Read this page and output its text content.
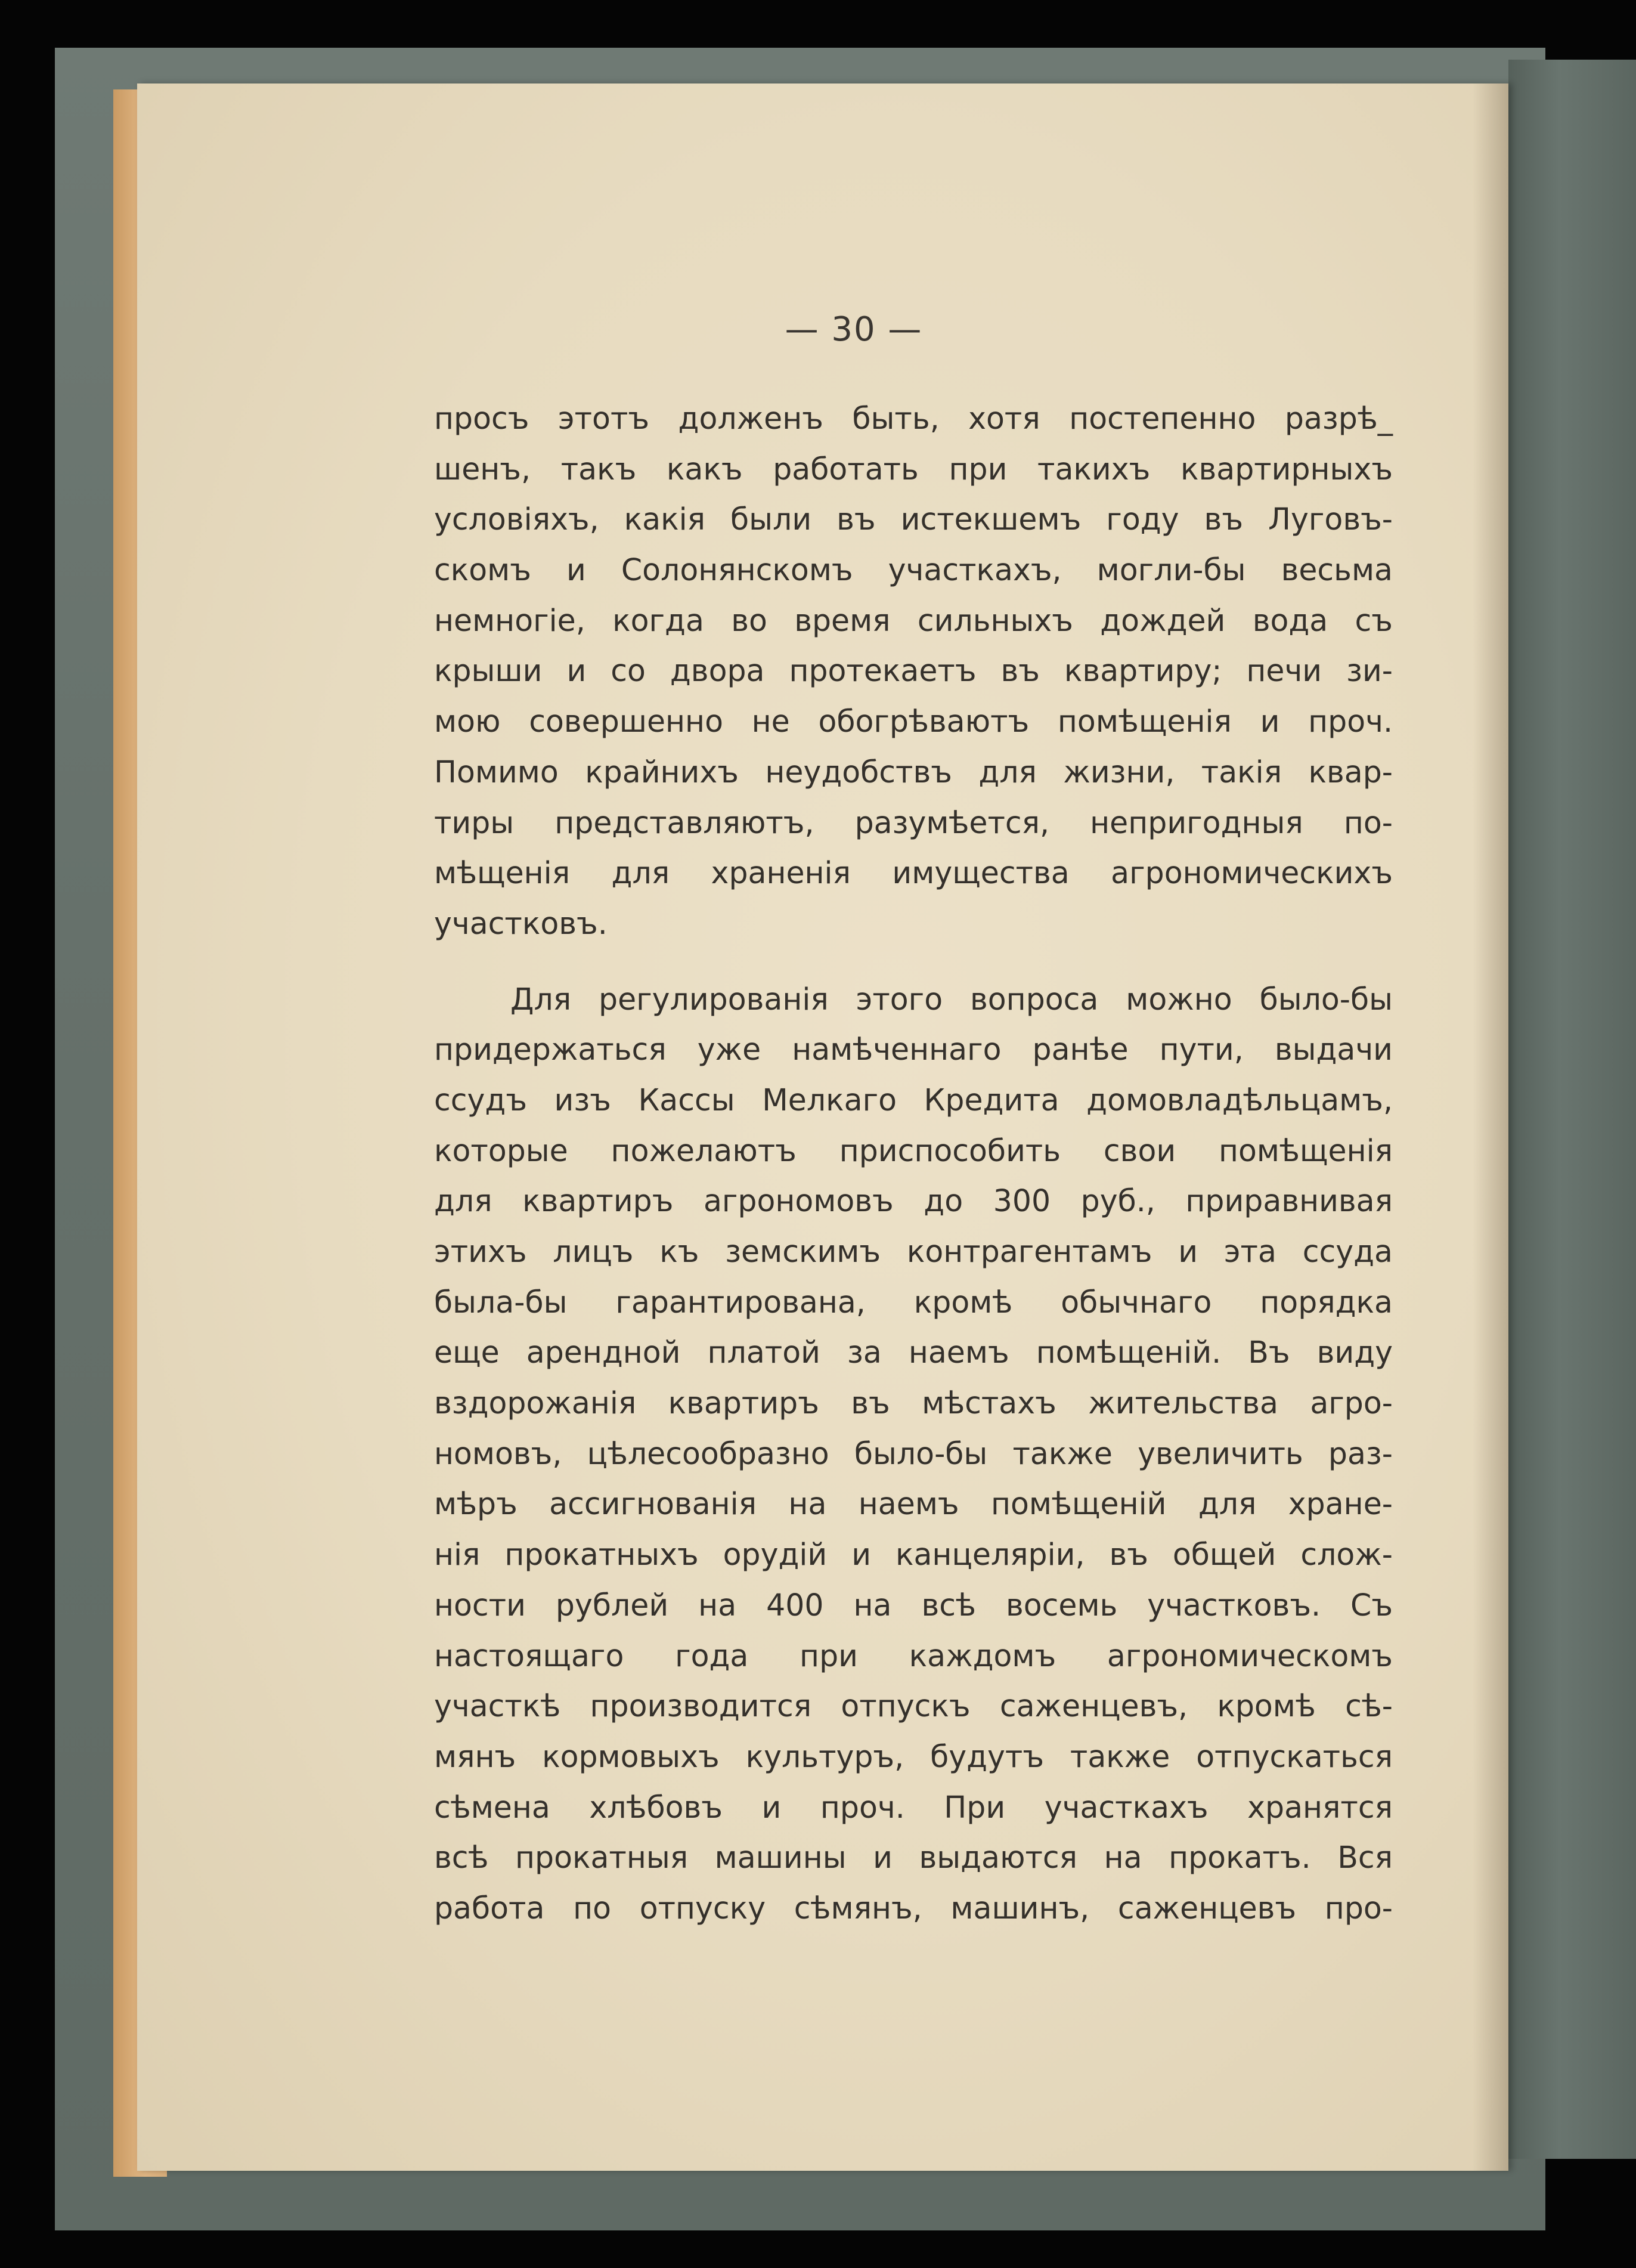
— 30 —
просъ этотъ долженъ быть, хотя постепенно разрѣ_
шенъ, такъ какъ работать при такихъ квартирныхъ
условiяхъ, какiя были въ истекшемъ году въ Луговъ-
скомъ и Солонянскомъ участкахъ, могли-бы весьма
немногiе, когда во время сильныхъ дождей вода съ
крыши и со двора протекаетъ въ квартиру; печи зи-
мою совершенно не обогрѣваютъ помѣщенiя и проч.
Помимо крайнихъ неудобствъ для жизни, такiя квар-
тиры представляютъ, разумѣется, непригодныя по-
мѣщенiя для храненiя имущества агрономическихъ
участковъ.
Для регулированiя этого вопроса можно было-бы
придержаться уже намѣченнаго ранѣе пути, выдачи
ссудъ изъ Кассы Мелкаго Кредита домовладѣльцамъ,
которые пожелаютъ приспособить свои помѣщенiя
для квартиръ агрономовъ до 300 руб., приравнивая
этихъ лицъ къ земскимъ контрагентамъ и эта ссуда
была-бы гарантирована, кромѣ обычнаго порядка
еще арендной платой за наемъ помѣщенiй. Въ виду
вздорожанiя квартиръ въ мѣстахъ жительства агро-
номовъ, цѣлесообразно было-бы также увеличить раз-
мѣръ ассигнованiя на наемъ помѣщенiй для хране-
нiя прокатныхъ орудiй и канцелярiи, въ общей слож-
ности рублей на 400 на всѣ восемь участковъ. Съ
настоящаго года при каждомъ агрономическомъ
участкѣ производится отпускъ саженцевъ, кромѣ сѣ-
мянъ кормовыхъ культуръ, будутъ также отпускаться
сѣмена хлѣбовъ и проч. При участкахъ хранятся
всѣ прокатныя машины и выдаются на прокатъ. Вся
работа по отпуску сѣмянъ, машинъ, саженцевъ про-
